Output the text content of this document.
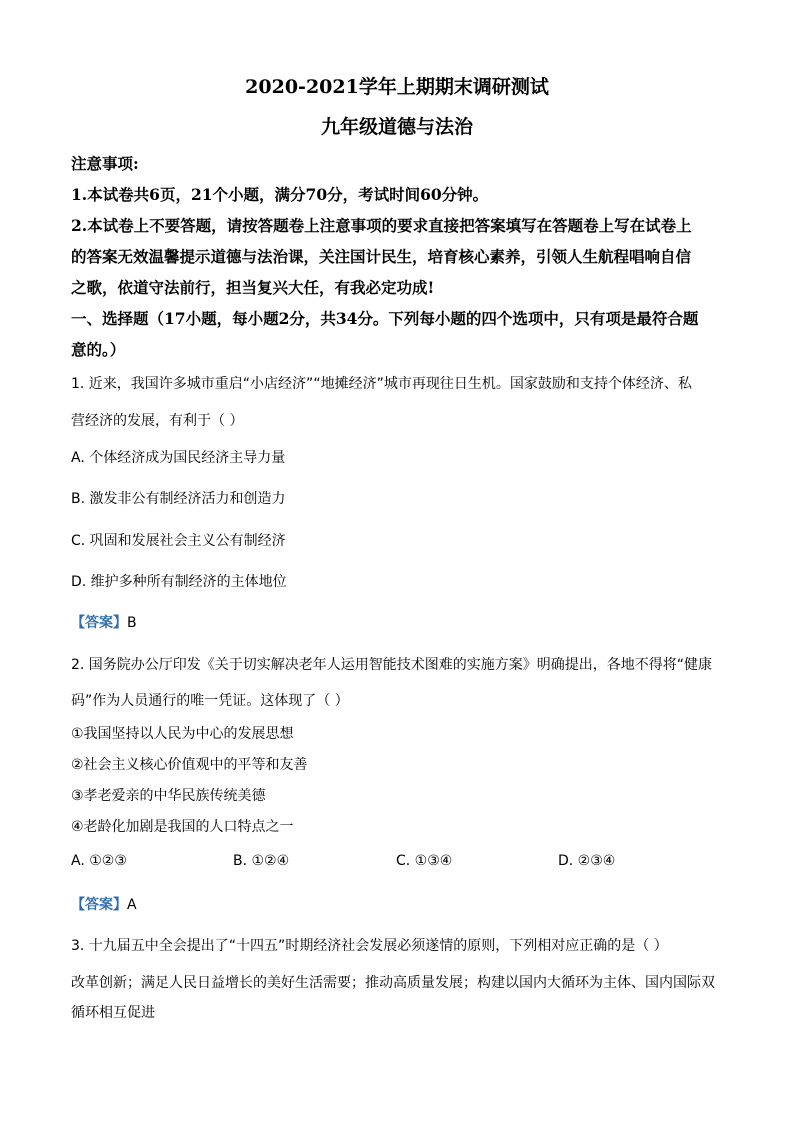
2020-2021学年上期期末调研测试
九年级道德与法治
注意事项:
1.本试卷共6页，21个小题，满分70分，考试时间60分钟。
2.本试卷上不要答题，请按答题卷上注意事项的要求直接把答案填写在答题卷上写在试卷上
的答案无效温馨提示道德与法治课，关注国计民生，培育核心素养，引领人生航程唱响自信
之歌，依道守法前行，担当复兴大任，有我必定功成!
一、选择题（17小题，每小题2分，共34分。下列每小题的四个选项中，只有项是最符合题
意的。）
1. 近来，我国许多城市重启“小店经济”“地摊经济”城市再现往日生机。国家鼓励和支持个体经济、私
营经济的发展，有利于（ ）
A. 个体经济成为国民经济主导力量
B. 激发非公有制经济活力和创造力
C. 巩固和发展社会主义公有制经济
D. 维护多种所有制经济的主体地位
【答案】B
2. 国务院办公厅印发《关于切实解决老年人运用智能技术图难的实施方案》明确提出，各地不得将“健康
码”作为人员通行的唯一凭证。这体现了（ ）
①我国坚持以人民为中心的发展思想
②社会主义核心价值观中的平等和友善
③孝老爱亲的中华民族传统美德
④老龄化加剧是我国的人口特点之一
A. ①②③	B. ①②④	C. ①③④	D. ②③④
【答案】A
3. 十九届五中全会提出了“十四五”时期经济社会发展必须遂情的原则，下列相对应正确的是（ ）
改革创新；满足人民日益增长的美好生活需要；推动高质量发展；构建以国内大循环为主体、国内国际双
循环相互促进
